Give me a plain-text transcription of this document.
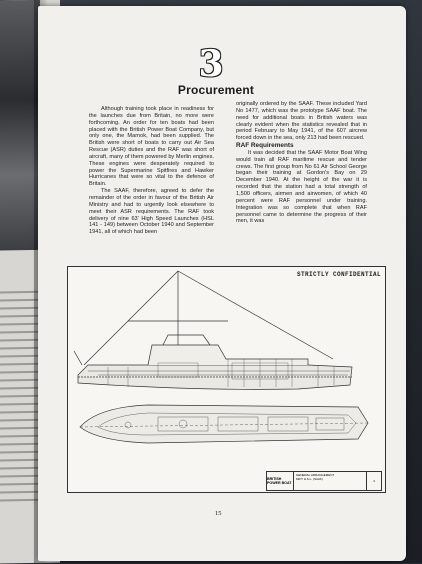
3
Procurement

Although training took place in readiness for the launches due from Britain, no more were forthcoming. An order for ten boats had been placed with the British Power Boat Company, but only one, the Marnok, had been supplied. The British were short of boats to carry out Air Sea Rescue (ASR) duties and the RAF was short of aircraft, many of them powered by Merlin engines. These engines were desperately required to power the Supermarine Spitfires and Hawker Hurricanes that were so vital to the defence of Britain.

The SAAF, therefore, agreed to defer the remainder of the order in favour of the British Air Ministry and had to urgently look elsewhere to meet their ASR requirements. The RAF took delivery of nine 63' High Speed Launches (HSL 141 - 149) between October 1940 and September 1941, all of which had been

originally ordered by the SAAF. These included Yard No 1477, which was the prototype SAAF boat. The need for additional boats in British waters was clearly evident when the statistics revealed that in period February to May 1941, of the 607 aircrew forced down in the sea, only 213 had been rescued.

RAF Requirements

It was decided that the SAAF Motor Boat Wing would train all RAF maritime rescue and tender crews. The first group from No 61 Air School George began their training at Gordon's Bay on 29 December 1940. At the height of the war it is recorded that the station had a total strength of 1,500 officers, airmen and airwomen, of which 40 percent were RAF personnel under training. Integration was so complete that when RAF personnel came to determine the progress of their men, it was

STRICTLY CONFIDENTIAL
BRITISH POWER BOAT
GENERAL ARRANGEMENT
63FT H.S.L. (SAAF)	4
15
